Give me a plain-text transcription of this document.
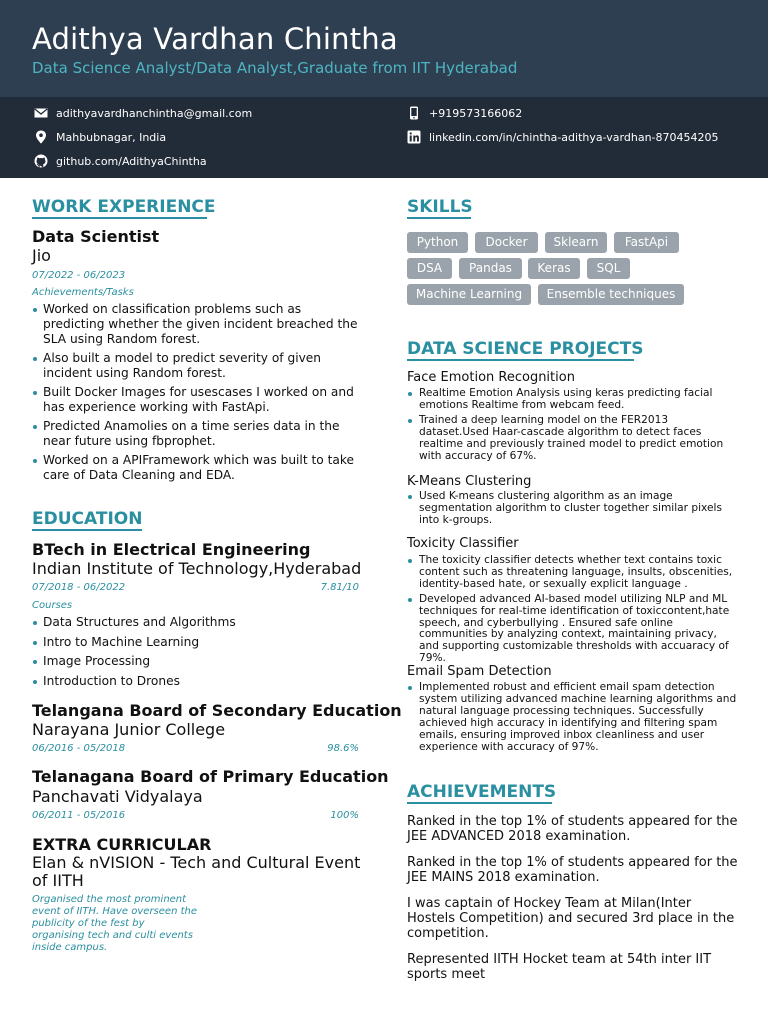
Adithya Vardhan Chintha
Data Science Analyst/Data Analyst,Graduate from IIT Hyderabad
adithyavardhanchintha@gmail.com	+919573166062
Mahbubnagar, India	linkedin.com/in/chintha-adithya-vardhan-870454205
github.com/AdithyaChintha
WORK EXPERIENCE
Data Scientist
Jio
07/2022 - 06/2023
Achievements/Tasks
Worked on classification problems such as predicting whether the given incident breached the SLA using Random forest.
Also built a model to predict severity of given incident using Random forest.
Built Docker Images for usescases I worked on and has experience working with FastApi.
Predicted Anamolies on a time series data in the near future using fbprophet.
Worked on a APIFramework which was built to take care of Data Cleaning and EDA.
EDUCATION
BTech in Electrical Engineering
Indian Institute of Technology,Hyderabad
07/2018 - 06/2022	7.81/10
Courses
Data Structures and Algorithms
Intro to Machine Learning
Image Processing
Introduction to Drones
Telangana Board of Secondary Education
Narayana Junior College
06/2016 - 05/2018	98.6%
Telanagana Board of Primary Education
Panchavati Vidyalaya
06/2011 - 05/2016	100%
EXTRA CURRICULAR
Elan & nVISION - Tech and Cultural Event of IITH
Organised the most prominent event of IITH. Have overseen the publicity of the fest by organising tech and culti events inside campus.
SKILLS
Python	Docker	Sklearn	FastApi
DSA	Pandas	Keras	SQL
Machine Learning	Ensemble techniques
DATA SCIENCE PROJECTS
Face Emotion Recognition
Realtime Emotion Analysis using keras predicting facial emotions Realtime from webcam feed.
Trained a deep learning model on the FER2013 dataset.Used Haar-cascade algorithm to detect faces realtime and previously trained model to predict emotion with accuracy of 67%.
K-Means Clustering
Used K-means clustering algorithm as an image segmentation algorithm to cluster together similar pixels into k-groups.
Toxicity Classifier
The toxicity classifier detects whether text contains toxic content such as threatening language, insults, obscenities, identity-based hate, or sexually explicit language .
Developed advanced AI-based model utilizing NLP and ML techniques for real-time identification of toxiccontent,hate speech, and cyberbullying . Ensured safe online communities by analyzing context, maintaining privacy, and supporting customizable thresholds with accuaracy of 79%.
Email Spam Detection
Implemented robust and efficient email spam detection system utilizing advanced machine learning algorithms and natural language processing techniques. Successfully achieved high accuracy in identifying and filtering spam emails, ensuring improved inbox cleanliness and user experience with accuracy of 97%.
ACHIEVEMENTS

Ranked in the top 1% of students appeared for the JEE ADVANCED 2018 examination.

Ranked in the top 1% of students appeared for the JEE MAINS 2018 examination.

I was captain of Hockey Team at Milan(Inter Hostels Competition) and secured 3rd place in the competition.

Represented IITH Hocket team at 54th inter IIT sports meet
